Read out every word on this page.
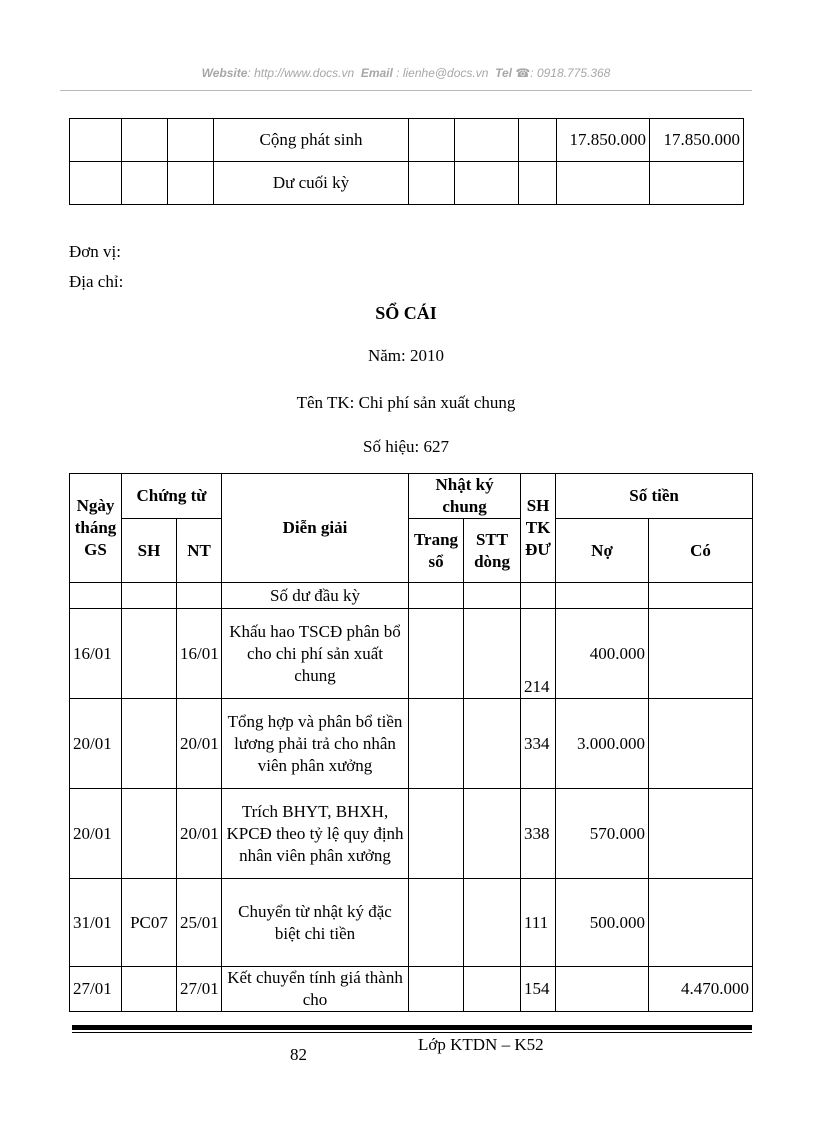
Website: http://www.docs.vn Email : lienhe@docs.vn Tel ☎: 0918.775.368
			Cộng phát sinh				17.850.000	17.850.000
			Dư cuối kỳ					
Đơn vị:
Địa chỉ:
SỔ CÁI
Năm: 2010
Tên TK: Chi phí sản xuất chung
Số hiệu: 627
Ngày tháng GS	Chứng từ		Diễn giải	Nhật ký chung		SH TK ĐƯ	Số tiền	
	SH	NT		Trang sổ	STT dòng		Nợ	Có
			Số dư đầu kỳ					
16/01		16/01	Khấu hao TSCĐ phân bổ cho chi phí sản xuất chung			214	400.000	
20/01		20/01	Tổng hợp và phân bổ tiền lương phải trả cho nhân viên phân xưởng			334	3.000.000	
20/01		20/01	Trích BHYT, BHXH, KPCĐ theo tỷ lệ quy định nhân viên phân xưởng			338	570.000	
31/01	PC07	25/01	Chuyển từ nhật ký đặc biệt chi tiền			111	500.000	
27/01		27/01	Kết chuyển tính giá thành cho			154		4.470.000
82
Lớp KTDN – K52
